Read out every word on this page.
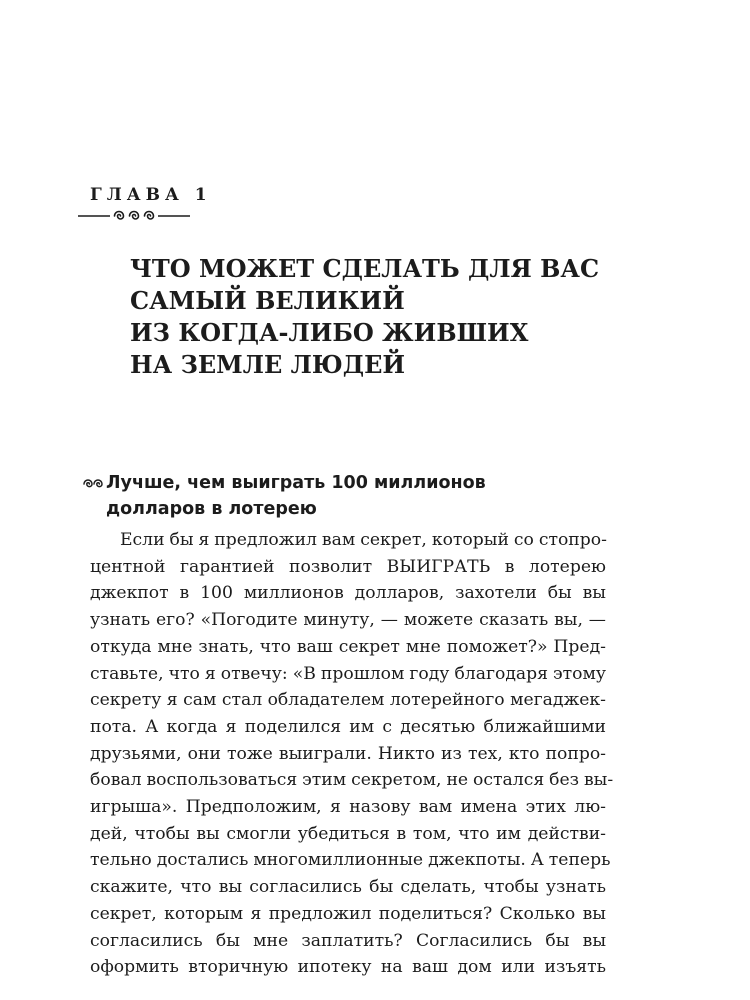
ГЛАВА 1
ЧТО МОЖЕТ СДЕЛАТЬ ДЛЯ ВАС
САМЫЙ ВЕЛИКИЙ
ИЗ КОГДА-ЛИБО ЖИВШИХ
НА ЗЕМЛЕ ЛЮДЕЙ
Лучше, чем выиграть 100 миллионов
долларов в лотерею
Если бы я предложил вам секрет, который со стопро-
центной гарантией позволит ВЫИГРАТЬ в лотерею
джекпот в 100 миллионов долларов, захотели бы вы
узнать его? «Погодите минуту, — можете сказать вы, —
откуда мне знать, что ваш секрет мне поможет?» Пред-
ставьте, что я отвечу: «В прошлом году благодаря этому
секрету я сам стал обладателем лотерейного мегаджек-
пота. А когда я поделился им с десятью ближайшими
друзьями, они тоже выиграли. Никто из тех, кто попро-
бовал воспользоваться этим секретом, не остался без вы-
игрыша». Предположим, я назову вам имена этих лю-
дей, чтобы вы смогли убедиться в том, что им действи-
тельно достались многомиллионные джекпоты. А теперь
скажите, что вы согласились бы сделать, чтобы узнать
секрет, которым я предложил поделиться? Сколько вы
согласились бы мне заплатить? Согласились бы вы
оформить вторичную ипотеку на ваш дом или изъять
